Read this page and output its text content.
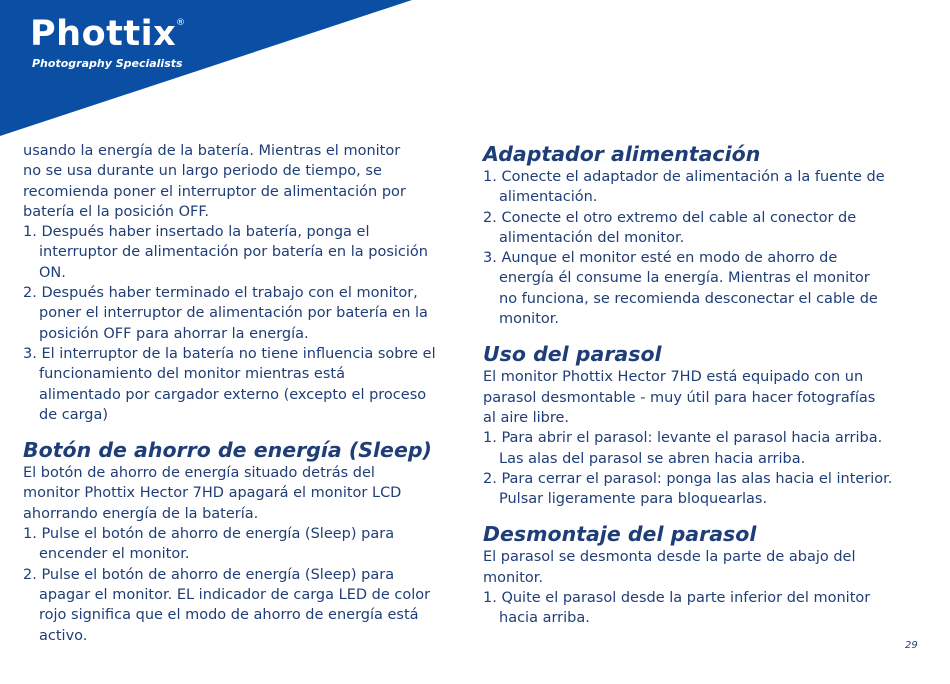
Phottix ®
Photography Specialists

usando la energía de la batería. Mientras el monitor

no se usa durante un largo periodo de tiempo, se

recomienda poner el interruptor de alimentación por

batería el la posición OFF.

1. Después haber insertado la batería, ponga el
interruptor de alimentación por batería en la posición
ON.
2. Después haber terminado el trabajo con el monitor,
poner el interruptor de alimentación por batería en la
posición OFF para ahorrar la energía.
3. El interruptor de la batería no tiene influencia sobre el
funcionamiento del monitor mientras está
alimentado por cargador externo (excepto el proceso
de carga)
Botón de ahorro de energía (Sleep)

El botón de ahorro de energía situado detrás del

monitor Phottix Hector 7HD apagará el monitor LCD

ahorrando energía de la batería.

1. Pulse el botón de ahorro de energía (Sleep) para
encender el monitor.
2. Pulse el botón de ahorro de energía (Sleep) para
apagar el monitor. EL indicador de carga LED de color
rojo significa que el modo de ahorro de energía está
activo.
Adaptador alimentación
1. Conecte el adaptador de alimentación a la fuente de
alimentación.
2. Conecte el otro extremo del cable al conector de
alimentación del monitor.
3. Aunque el monitor esté en modo de ahorro de
energía él consume la energía. Mientras el monitor
no funciona, se recomienda desconectar el cable de
monitor.
Uso del parasol

El monitor Phottix Hector 7HD está equipado con un

parasol desmontable - muy útil para hacer fotografías

al aire libre.

1. Para abrir el parasol: levante el parasol hacia arriba.
Las alas del parasol se abren hacia arriba.
2. Para cerrar el parasol: ponga las alas hacia el interior.
Pulsar ligeramente para bloquearlas.
Desmontaje del parasol

El parasol se desmonta desde la parte de abajo del

monitor.

1. Quite el parasol desde la parte inferior del monitor
hacia arriba.
29
